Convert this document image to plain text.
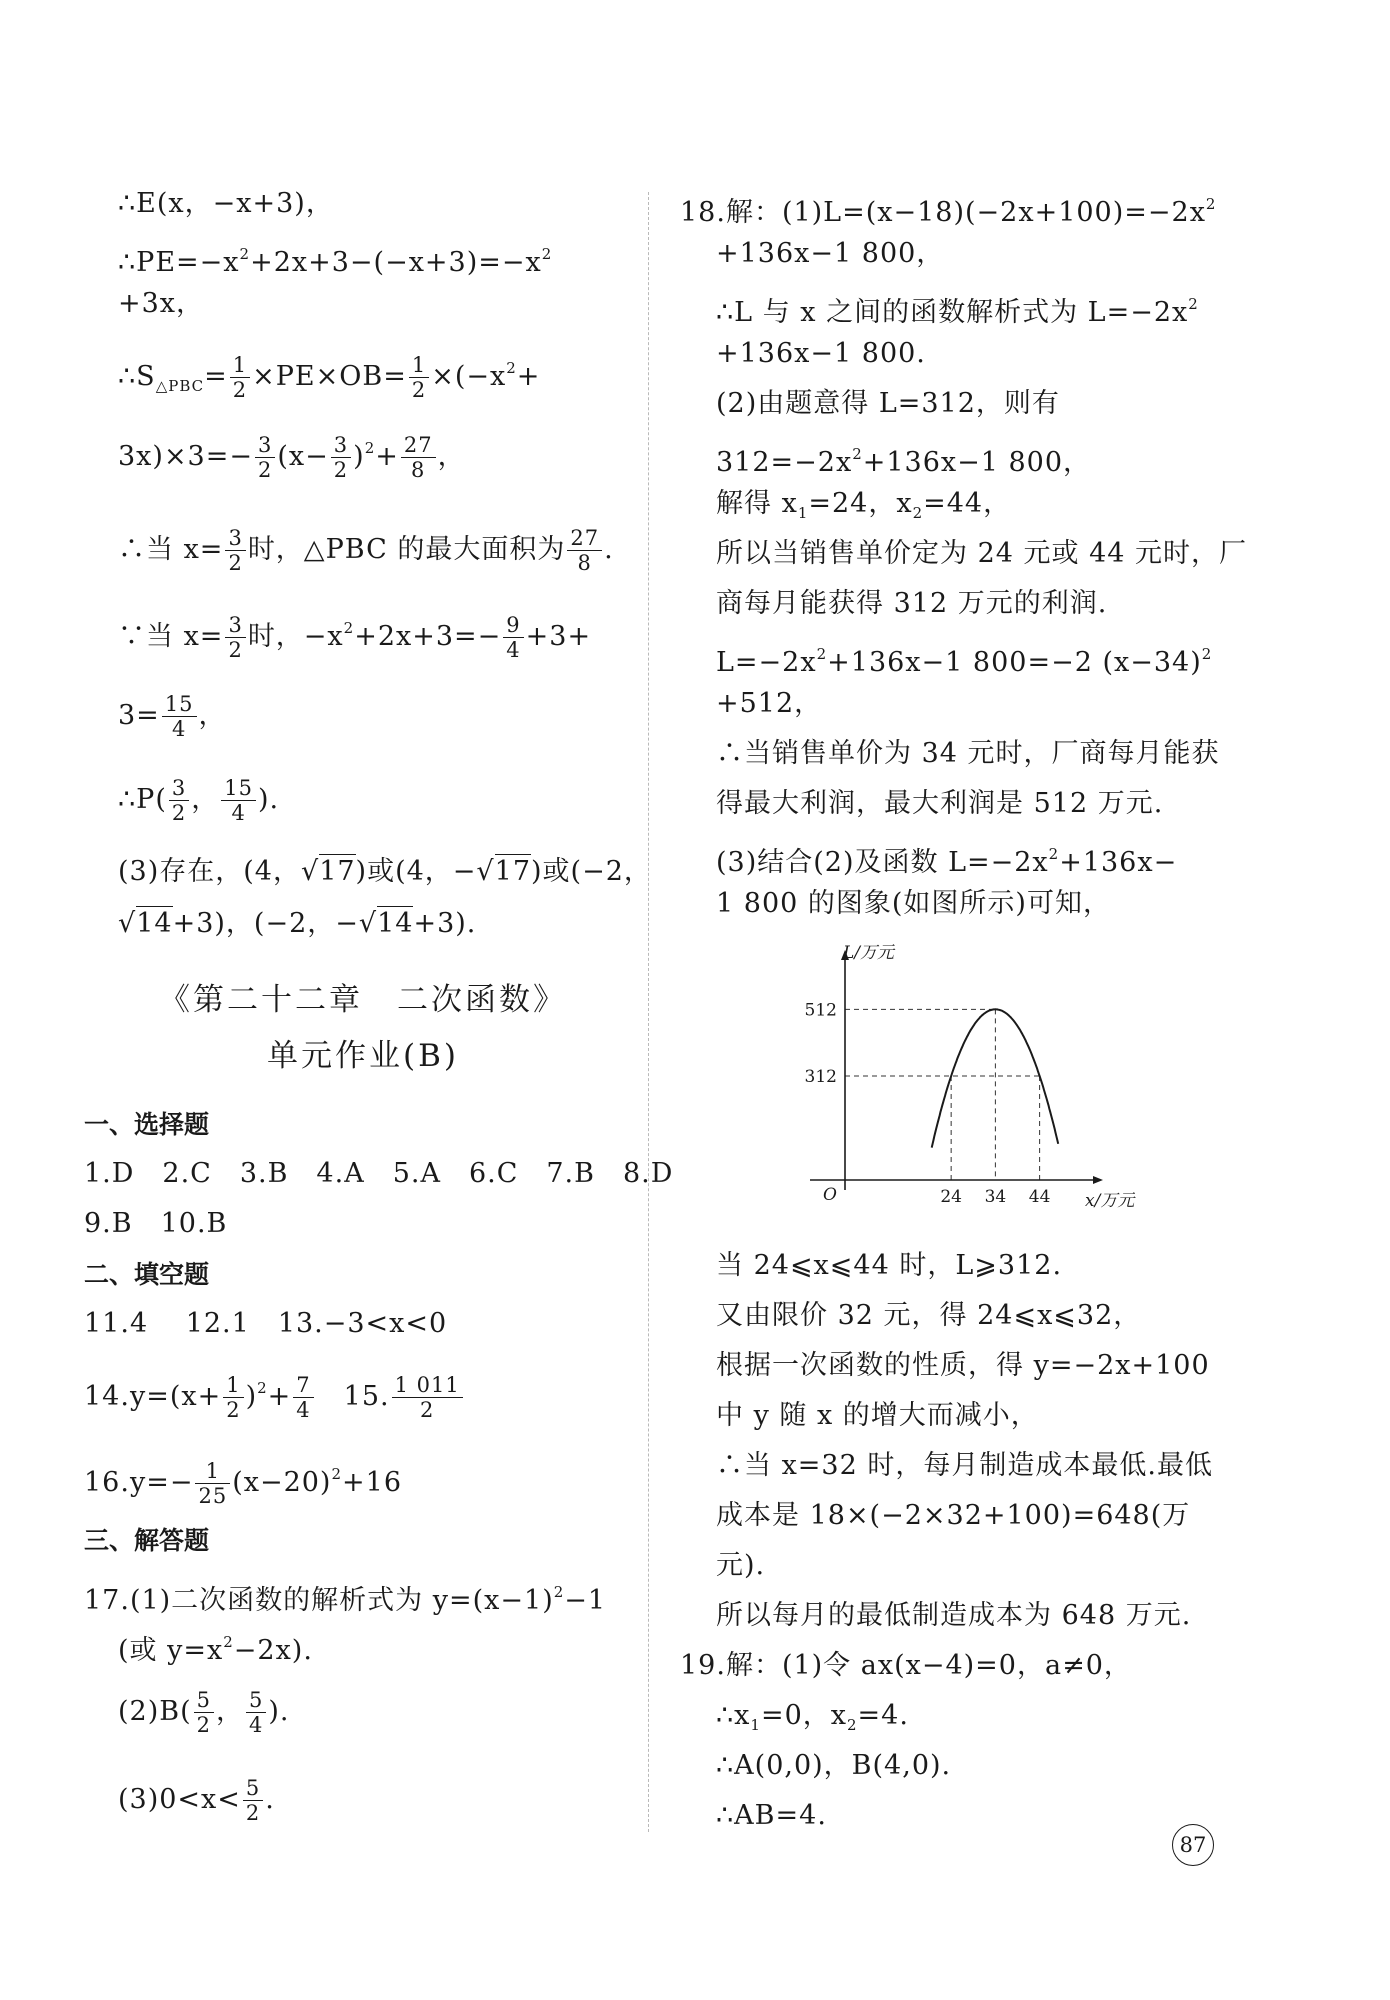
∴E(x，−x+3)，
$\therefore PE=-x^2+2x+3-(-x+3)=-x^2$
+3x，
$\therefore S_{\triangle PBC}= \frac{1}{2} \times PE\times OB= \frac{1}{2} \times(-x^2+$
$3x)\times 3=- \frac{3}{2} (x- \frac{3}{2} )^2+ \frac{27}{8}$ ，
∴当 $x= \frac{3}{2}$ 时，△PBC 的最大面积为 $\frac{27}{8}$ .
∵当 $x= \frac{3}{2}$ 时，$-x^2+2x+3=- \frac{9}{4} +3+$
$3= \frac{15}{4}$ ，
∴P( $\frac{3}{2}$ ， $\frac{15}{4}$ ).
(3)存在，(4，√17)或(4，−√17)或(−2，
√14+3)，(−2，−√14+3).
《第二十二章　二次函数》
单元作业(B)
一、选择题
1.D　2.C　3.B　4.A　5.A　6.C　7.B　8.D
9.B　10.B
二、填空题
11.4　 12.1　13.−3<x<0
$14.y=(x+ \frac{1}{2} )^2+ \frac{7}{4}$ 　15. $\frac{1 011}{2}$
$16.y=- \frac{1}{25} (x-20)^2+16$
三、解答题
17.(1)二次函数的解析式为 $y=(x-1)^2-1$
(或 $y=x^2-2x$).
$(2)B( \frac{5}{2}$ ， $\frac{5}{4}$ ).
$(3)0<x< \frac{5}{2}$ .
18.解：$(1)L=(x-18)(-2x+100)=-2x^2$
+136x−1 800，
∴L 与 x 之间的函数解析式为 $L=-2x^2$
+136x−1 800.
(2)由题意得 L=312，则有
$312=-2x^2+136x-1$ 800，
解得 $x_1=24$，$x_2=44$，
所以当销售单价定为 24 元或 44 元时，厂
商每月能获得 312 万元的利润.
$L=-2x^2+136x-1$ 800=−2 $(x-34)^2$
+512，
∴当销售单价为 34 元时，厂商每月能获
得最大利润，最大利润是 512 万元.
(3)结合(2)及函数 $L=-2x^2+136x-$
1 800 的图象(如图所示)可知，
L/万元
x/万元
O	24 34 44
512
312
当 24⩽x⩽44 时，L⩾312.
又由限价 32 元，得 24⩽x⩽32，
根据一次函数的性质，得 y=−2x+100
中 y 随 x 的增大而减小，
∴当 x=32 时，每月制造成本最低.最低
成本是 18×(−2×32+100)=648(万
元).
所以每月的最低制造成本为 648 万元.
19.解：(1)令 ax(x−4)=0，a≠0，
$\therefore x_1=0$，$x_2=4$.
∴A(0,0)，B(4,0).
∴AB=4.
87
